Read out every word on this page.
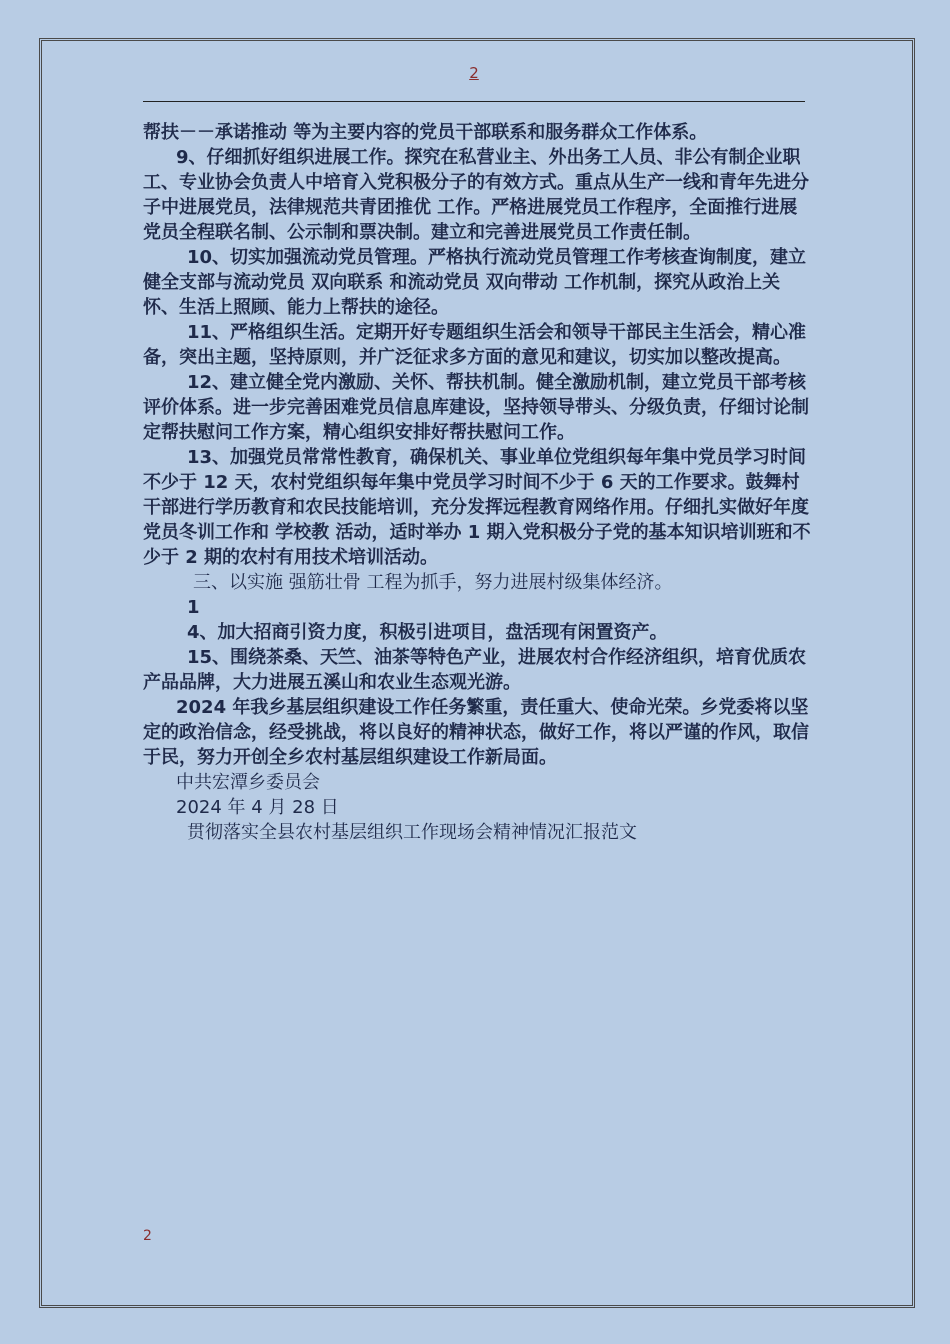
2

帮扶－－承诺推动 等为主要内容的党员干部联系和服务群众工作体系。

9、仔细抓好组织进展工作。探究在私营业主、外出务工人员、非公有制企业职工、专业协会负责人中培育入党积极分子的有效方式。重点从生产一线和青年先进分子中进展党员，法律规范共青团推优 工作。严格进展党员工作程序，全面推行进展党员全程联名制、公示制和票决制。建立和完善进展党员工作责任制。

10、切实加强流动党员管理。严格执行流动党员管理工作考核查询制度，建立健全支部与流动党员 双向联系 和流动党员 双向带动 工作机制，探究从政治上关怀、生活上照顾、能力上帮扶的途径。

11、严格组织生活。定期开好专题组织生活会和领导干部民主生活会，精心准备，突出主题，坚持原则，并广泛征求多方面的意见和建议，切实加以整改提高。

12、建立健全党内激励、关怀、帮扶机制。健全激励机制，建立党员干部考核评价体系。进一步完善困难党员信息库建设，坚持领导带头、分级负责，仔细讨论制定帮扶慰问工作方案，精心组织安排好帮扶慰问工作。

13、加强党员常常性教育，确保机关、事业单位党组织每年集中党员学习时间不少于 12 天，农村党组织每年集中党员学习时间不少于 6 天的工作要求。鼓舞村干部进行学历教育和农民技能培训，充分发挥远程教育网络作用。仔细扎实做好年度党员冬训工作和 学校教 活动，适时举办 1 期入党积极分子党的基本知识培训班和不少于 2 期的农村有用技术培训活动。

三、以实施 强筋壮骨 工程为抓手，努力进展村级集体经济。

1

4、加大招商引资力度，积极引进项目，盘活现有闲置资产。

15、围绕茶桑、天竺、油茶等特色产业，进展农村合作经济组织，培育优质农产品品牌，大力进展五溪山和农业生态观光游。

2024 年我乡基层组织建设工作任务繁重，责任重大、使命光荣。乡党委将以坚定的政治信念，经受挑战，将以良好的精神状态，做好工作，将以严谨的作风，取信于民，努力开创全乡农村基层组织建设工作新局面。

中共宏潭乡委员会

2024 年 4 月 28 日

贯彻落实全县农村基层组织工作现场会精神情况汇报范文

2
